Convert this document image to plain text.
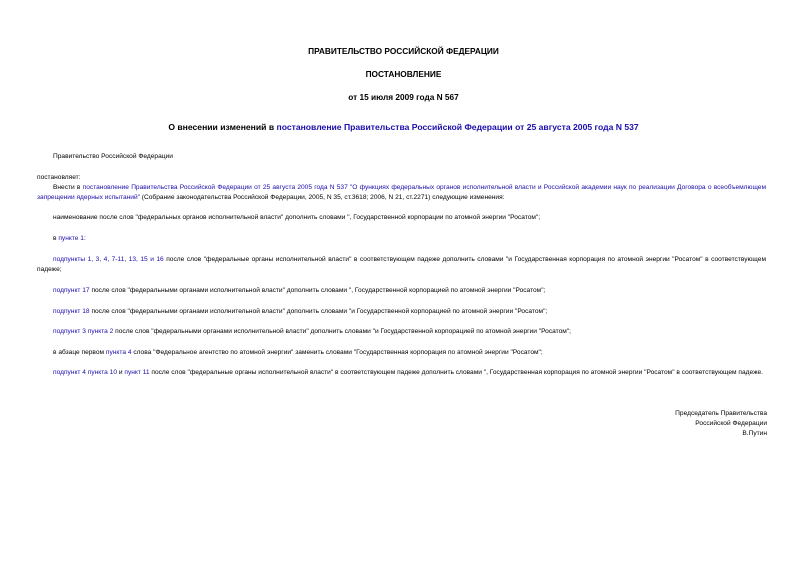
ПРАВИТЕЛЬСТВО РОССИЙСКОЙ ФЕДЕРАЦИИ
ПОСТАНОВЛЕНИЕ
от 15 июля 2009 года N 567
О внесении изменений в постановление Правительства Российской Федерации от 25 августа 2005 года N 537
Правительство Российской Федерации
постановляет:
Внести в постановление Правительства Российской Федерации от 25 августа 2005 года N 537 "О функциях федеральных органов исполнительной власти и Российской академии наук по реализации Договора о всеобъемлющем запрещении ядерных испытаний" (Собрание законодательства Российской Федерации, 2005, N 35, ст.3618; 2006, N 21, ст.2271) следующие изменения:
наименование после слов "федеральных органов исполнительной власти" дополнить словами ", Государственной корпорации по атомной энергии "Росатом";
в пункте 1:
подпункты 1, 3, 4, 7-11, 13, 15 и 16 после слов "федеральные органы исполнительной власти" в соответствующем падеже дополнить словами "и Государственная корпорация по атомной энергии "Росатом" в соответствующем падеже;
подпункт 17 после слов "федеральными органами исполнительной власти" дополнить словами ", Государственной корпорацией по атомной энергии "Росатом";
подпункт 18 после слов "федеральными органами исполнительной власти" дополнить словами "и Государственной корпорацией по атомной энергии "Росатом";
подпункт 3 пункта 2 после слов "федеральными органами исполнительной власти" дополнить словами "и Государственной корпорацией по атомной энергии "Росатом";
в абзаце первом пункта 4 слова "Федеральное агентство по атомной энергии" заменить словами "Государственная корпорация по атомной энергии "Росатом";
подпункт 4 пункта 10 и пункт 11 после слов "федеральные органы исполнительной власти" в соответствующем падеже дополнить словами ", Государственная корпорация по атомной энергии "Росатом" в соответствующем падеже.
Председатель Правительства
Российской Федерации
В.Путин
